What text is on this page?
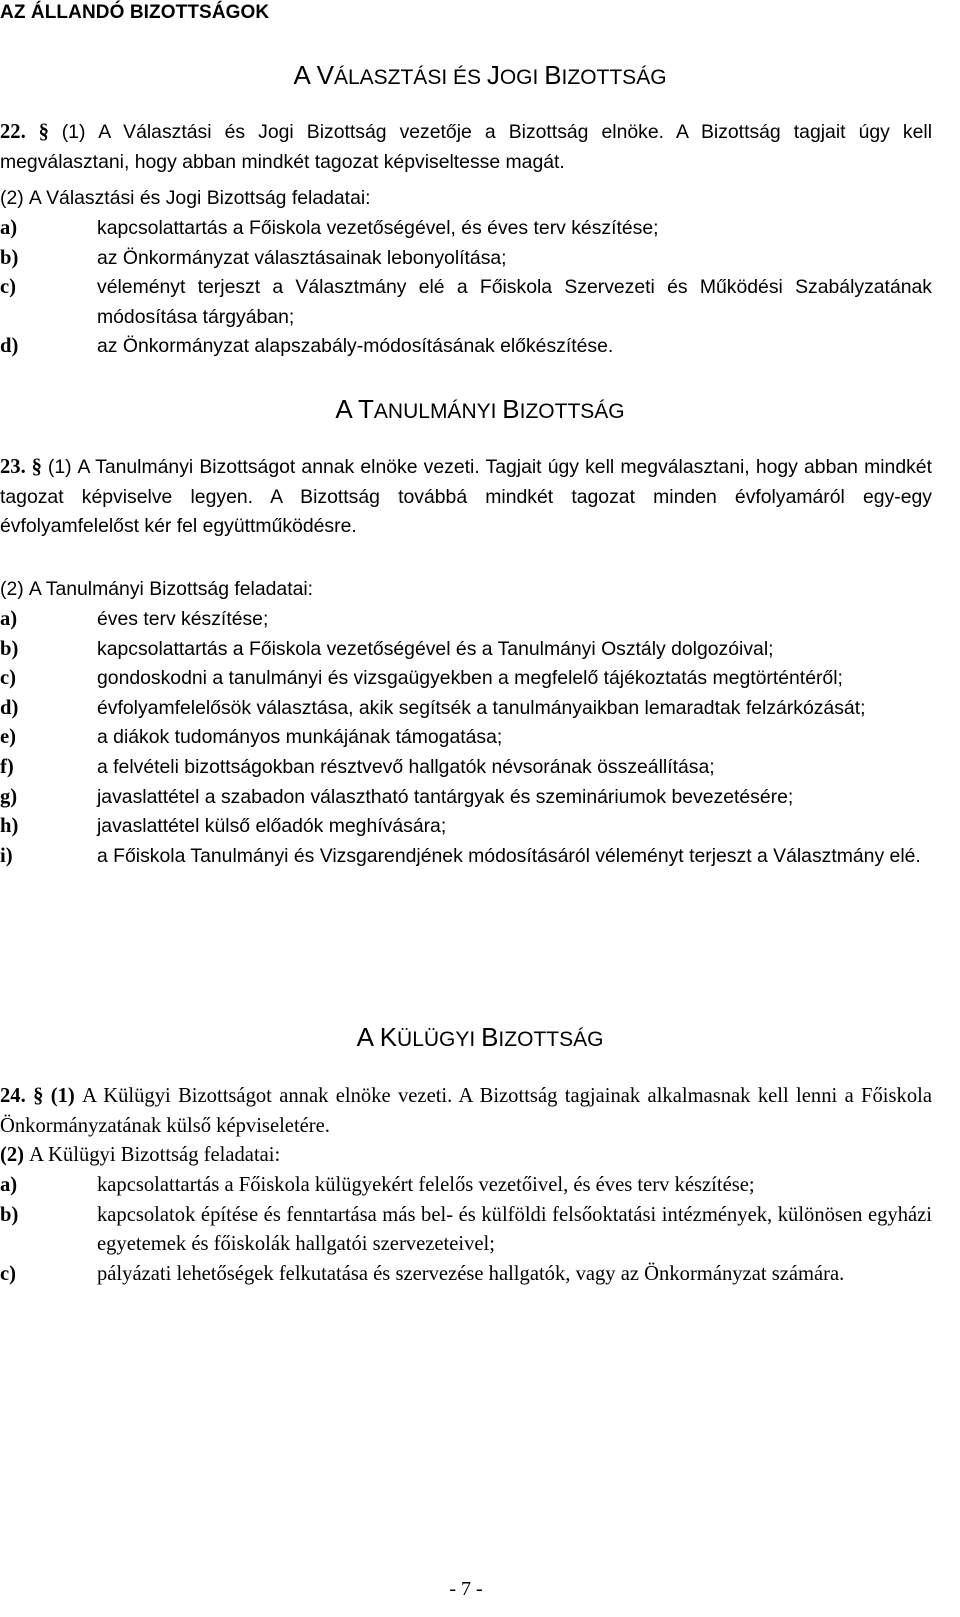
AZ ÁLLANDÓ BIZOTTSÁGOK
A VÁLASZTÁSI ÉS JOGI BIZOTTSÁG
22. § (1) A Választási és Jogi Bizottság vezetője a Bizottság elnöke. A Bizottság tagjait úgy kell megválasztani, hogy abban mindkét tagozat képviseltesse magát.
(2) A Választási és Jogi Bizottság feladatai:
a)	kapcsolattartás a Főiskola vezetőségével, és éves terv készítése;
b)	az Önkormányzat választásainak lebonyolítása;
c)	véleményt terjeszt a Választmány elé a Főiskola Szervezeti és Működési Szabályzatának módosítása tárgyában;
d)	az Önkormányzat alapszabály-módosításának előkészítése.
A TANULMÁNYI BIZOTTSÁG
23. § (1) A Tanulmányi Bizottságot annak elnöke vezeti. Tagjait úgy kell megválasztani, hogy abban mindkét tagozat képviselve legyen. A Bizottság továbbá mindkét tagozat minden évfolyamáról egy-egy évfolyamfelelőst kér fel együttműködésre.
(2) A Tanulmányi Bizottság feladatai:
a)	éves terv készítése;
b)	kapcsolattartás a Főiskola vezetőségével és a Tanulmányi Osztály dolgozóival;
c)	gondoskodni a tanulmányi és vizsgaügyekben a megfelelő tájékoztatás megtörténtéről;
d)	évfolyamfelelősök választása, akik segítsék a tanulmányaikban lemaradtak felzárkózását;
e)	a diákok tudományos munkájának támogatása;
f)	a felvételi bizottságokban résztvevő hallgatók névsorának összeállítása;
g)	javaslattétel a szabadon választható tantárgyak és szemináriumok bevezetésére;
h)	javaslattétel külső előadók meghívására;
i)	a Főiskola Tanulmányi és Vizsgarendjének módosításáról véleményt terjeszt a Választmány elé.
A KÜLÜGYI BIZOTTSÁG
24. § (1) A Külügyi Bizottságot annak elnöke vezeti. A Bizottság tagjainak alkalmasnak kell lenni a Főiskola Önkormányzatának külső képviseletére.
(2) A Külügyi Bizottság feladatai:
a)	kapcsolattartás a Főiskola külügyekért felelős vezetőivel, és éves terv készítése;
b)	kapcsolatok építése és fenntartása más bel- és külföldi felsőoktatási intézmények, különösen egyházi egyetemek és főiskolák hallgatói szervezeteivel;
c)	pályázati lehetőségek felkutatása és szervezése hallgatók, vagy az Önkormányzat számára.
- 7 -
